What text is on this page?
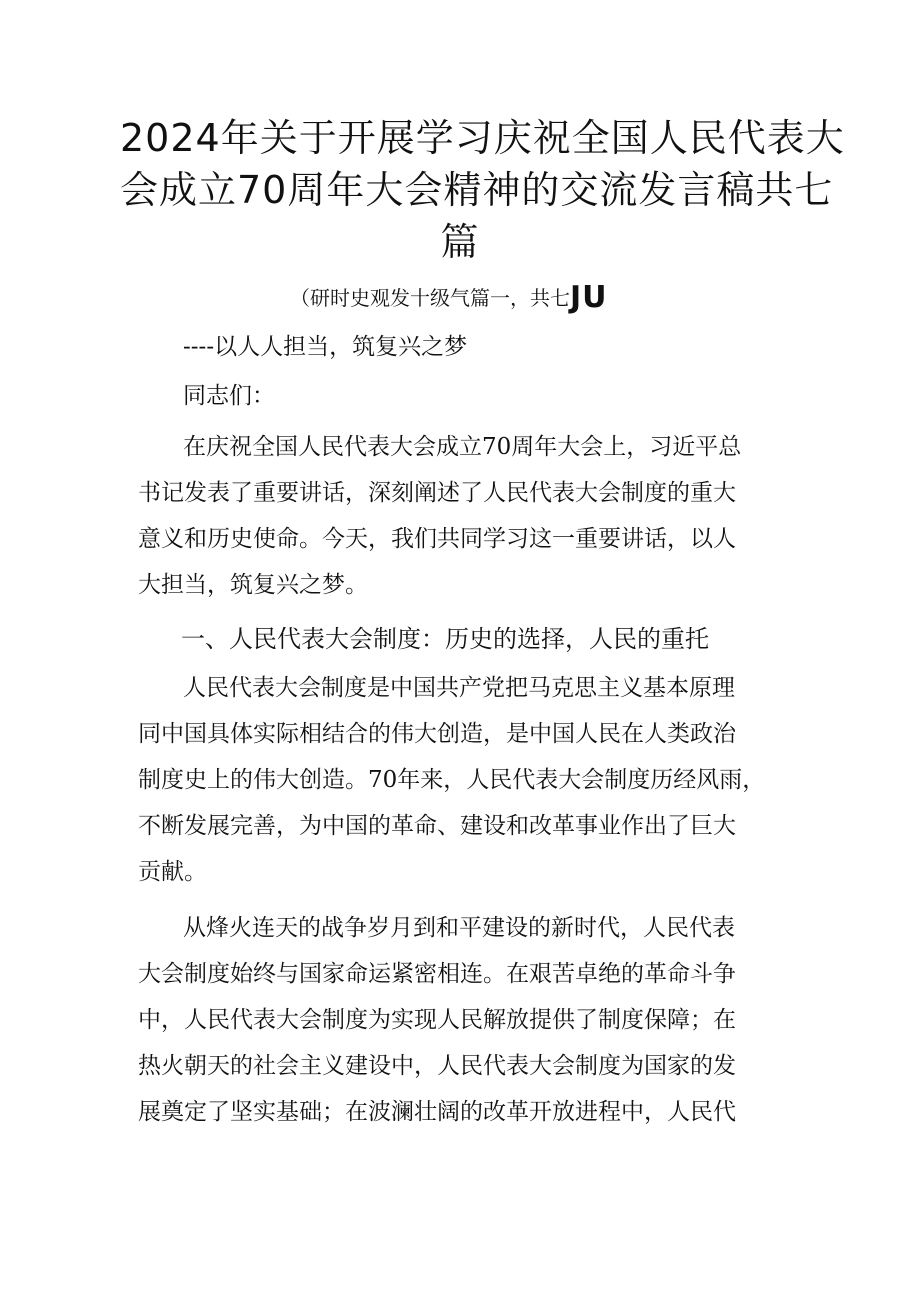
2024年关于开展学习庆祝全国人民代表大
会成立70周年大会精神的交流发言稿共七
篇
（研时史观发十级气篇一，共七JU
----以人人担当，筑复兴之梦
同志们：
在庆祝全国人民代表大会成立70周年大会上，习近平总
书记发表了重要讲话，深刻阐述了人民代表大会制度的重大
意义和历史使命。今天，我们共同学习这一重要讲话，以人
大担当，筑复兴之梦。
一、人民代表大会制度：历史的选择，人民的重托
人民代表大会制度是中国共产党把马克思主义基本原理
同中国具体实际相结合的伟大创造，是中国人民在人类政治
制度史上的伟大创造。70年来，人民代表大会制度历经风雨，
不断发展完善，为中国的革命、建设和改革事业作出了巨大
贡献。
从烽火连天的战争岁月到和平建设的新时代，人民代表
大会制度始终与国家命运紧密相连。在艰苦卓绝的革命斗争
中，人民代表大会制度为实现人民解放提供了制度保障；在
热火朝天的社会主义建设中，人民代表大会制度为国家的发
展奠定了坚实基础；在波澜壮阔的改革开放进程中，人民代
